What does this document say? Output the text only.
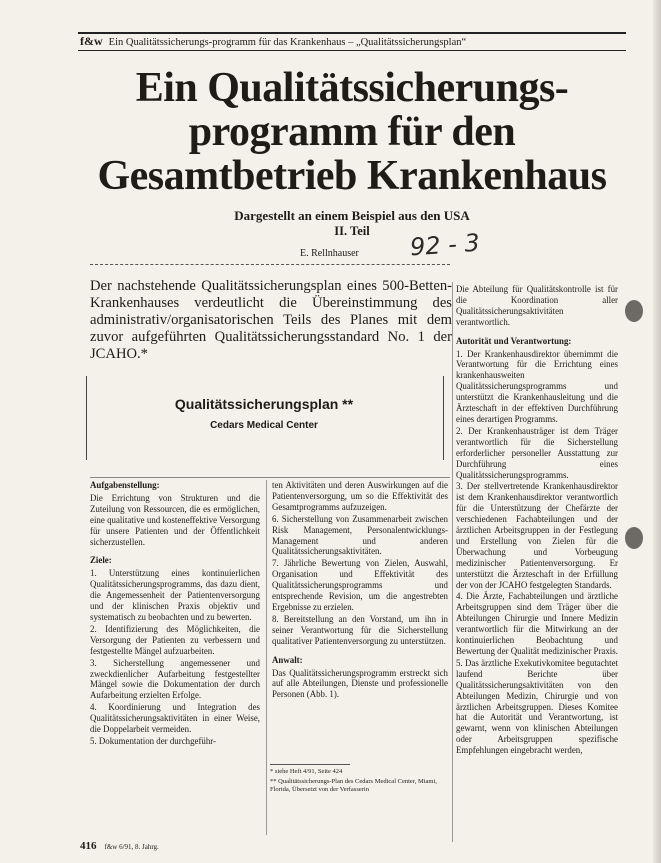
f&w Ein Qualitätssicherungs-programm für das Krankenhaus – „Qualitätssicherungsplan“
Ein Qualitätssicherungs-
programm für den
Gesamtbetrieb Krankenhaus
Dargestellt an einem Beispiel aus den USA
II. Teil
E. Rellnhauser 92 - 3
Der nachstehende Qualitätssicherungsplan eines 500-Betten-Krankenhauses verdeutlicht die Übereinstimmung des administrativ/organisatorischen Teils des Planes mit dem zuvor aufgeführten Qualitätssicherungsstandard No. 1 der JCAHO.*
Qualitätssicherungsplan **
Cedars Medical Center

Aufgabenstellung:

Die Errichtung von Strukturen und die Zuteilung von Ressourcen, die es ermöglichen, eine qualitative und kosteneffektive Versorgung für unsere Patienten und der Öffentlichkeit sicherzustellen.

Ziele:

1. Unterstützung eines kontinuierlichen Qualitätssicherungsprogramms, das dazu dient, die Angemessenheit der Patientenversorgung und der klinischen Praxis objektiv und systematisch zu beobachten und zu bewerten.

2. Identifizierung des Möglichkeiten, die Versorgung der Patienten zu verbessern und festgestellte Mängel aufzuarbeiten.

3. Sicherstellung angemessener und zweckdienlicher Aufarbeitung festgestellter Mängel sowie die Dokumentation der durch Aufarbeitung erzielten Erfolge.

4. Koordinierung und Integration des Qualitätssicherungsaktivitäten in einer Weise, die Doppelarbeit vermeiden.

5. Dokumentation der durchgeführ-

ten Aktivitäten und deren Auswirkungen auf die Patientenversorgung, um so die Effektivität des Gesamtprogramms aufzuzeigen.

6. Sicherstellung von Zusammenarbeit zwischen Risk Management, Personalentwicklungs-Management und anderen Qualitätssicherungsaktivitäten.

7. Jährliche Bewertung von Zielen, Auswahl, Organisation und Effektivität des Qualitätssicherungsprogramms und entsprechende Revision, um die angestrebten Ergebnisse zu erzielen.

8. Bereitstellung an den Vorstand, um ihn in seiner Verantwortung für die Sicherstellung qualitativer Patientenversorgung zu unterstützen.

Anwalt:

Das Qualitätssicherungsprogramm erstreckt sich auf alle Abteilungen, Dienste und professionelle Personen (Abb. 1).

* siehe Heft 4/91, Seite 424

** Qualitätssicherungs-Plan des Cedars Medical Center, Miami, Florida, Übersetzt von der Verfasserin

Die Abteilung für Qualitätskontrolle ist für die Koordination aller Qualitätssicherungsaktivitäten verantwortlich.

Autorität und Verantwortung:

1. Der Krankenhausdirektor übernimmt die Verantwortung für die Errichtung eines krankenhausweiten Qualitätssicherungsprogramms und unterstützt die Krankenhausleitung und die Ärzteschaft in der effektiven Durchführung eines derartigen Programms.

2. Der Krankenhausträger ist dem Träger verantwortlich für die Sicherstellung erforderlicher personeller Ausstattung zur Durchführung eines Qualitätssicherungsprogramms.

3. Der stellvertretende Krankenhausdirektor ist dem Krankenhausdirektor verantwortlich für die Unterstützung der Chefärzte der verschiedenen Fachabteilungen und der ärztlichen Arbeitsgruppen in der Festlegung und Erstellung von Zielen für die Überwachung und Vorbeugung medizinischer Patientenversorgung. Er unterstützt die Ärzteschaft in der Erfüllung der von der JCAHO festgelegten Standards.

4. Die Ärzte, Fachabteilungen und ärztliche Arbeitsgruppen sind dem Träger über die Abteilungen Chirurgie und Innere Medizin verantwortlich für die Mitwirkung an der kontinuierlichen Beobachtung und Bewertung der Qualität medizinischer Praxis.

5. Das ärztliche Exekutivkomitee begutachtet laufend Berichte über Qualitätssicherungsaktivitäten von den Abteilungen Medizin, Chirurgie und von ärztlichen Arbeitsgruppen. Dieses Komitee hat die Autorität und Verantwortung, ist gewarnt, wenn von klinischen Abteilungen oder Arbeitsgruppen spezifische Empfehlungen eingebracht werden,

416 f&w 6/91, 8. Jahrg.
